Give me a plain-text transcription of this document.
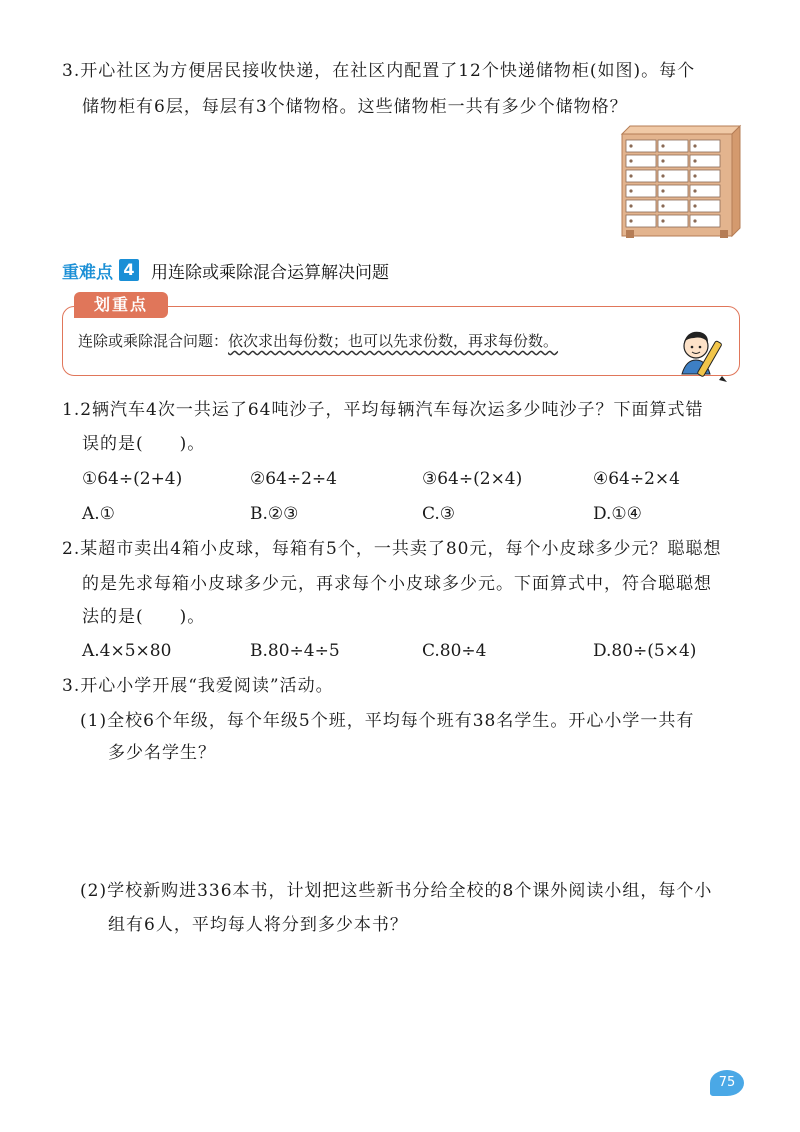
3.开心社区为方便居民接收快递，在社区内配置了12个快递储物柜(如图)。每个
储物柜有6层，每层有3个储物格。这些储物柜一共有多少个储物格？
重难点 4 用连除或乘除混合运算解决问题
划重点
连除或乘除混合问题：依次求出每份数；也可以先求份数，再求每份数。
1.2辆汽车4次一共运了64吨沙子，平均每辆汽车每次运多少吨沙子？下面算式错
误的是(　　)。
①64÷(2+4)	②64÷2÷4	③64÷(2×4)	④64÷2×4
A.①	B.②③	C.③	D.①④
2.某超市卖出4箱小皮球，每箱有5个，一共卖了80元，每个小皮球多少元？聪聪想
的是先求每箱小皮球多少元，再求每个小皮球多少元。下面算式中，符合聪聪想
法的是(　　)。
A.4×5×80	B.80÷4÷5	C.80÷4	D.80÷(5×4)
3.开心小学开展“我爱阅读”活动。
(1)全校6个年级，每个年级5个班，平均每个班有38名学生。开心小学一共有
多少名学生？
(2)学校新购进336本书，计划把这些新书分给全校的8个课外阅读小组，每个小
组有6人，平均每人将分到多少本书？
75
